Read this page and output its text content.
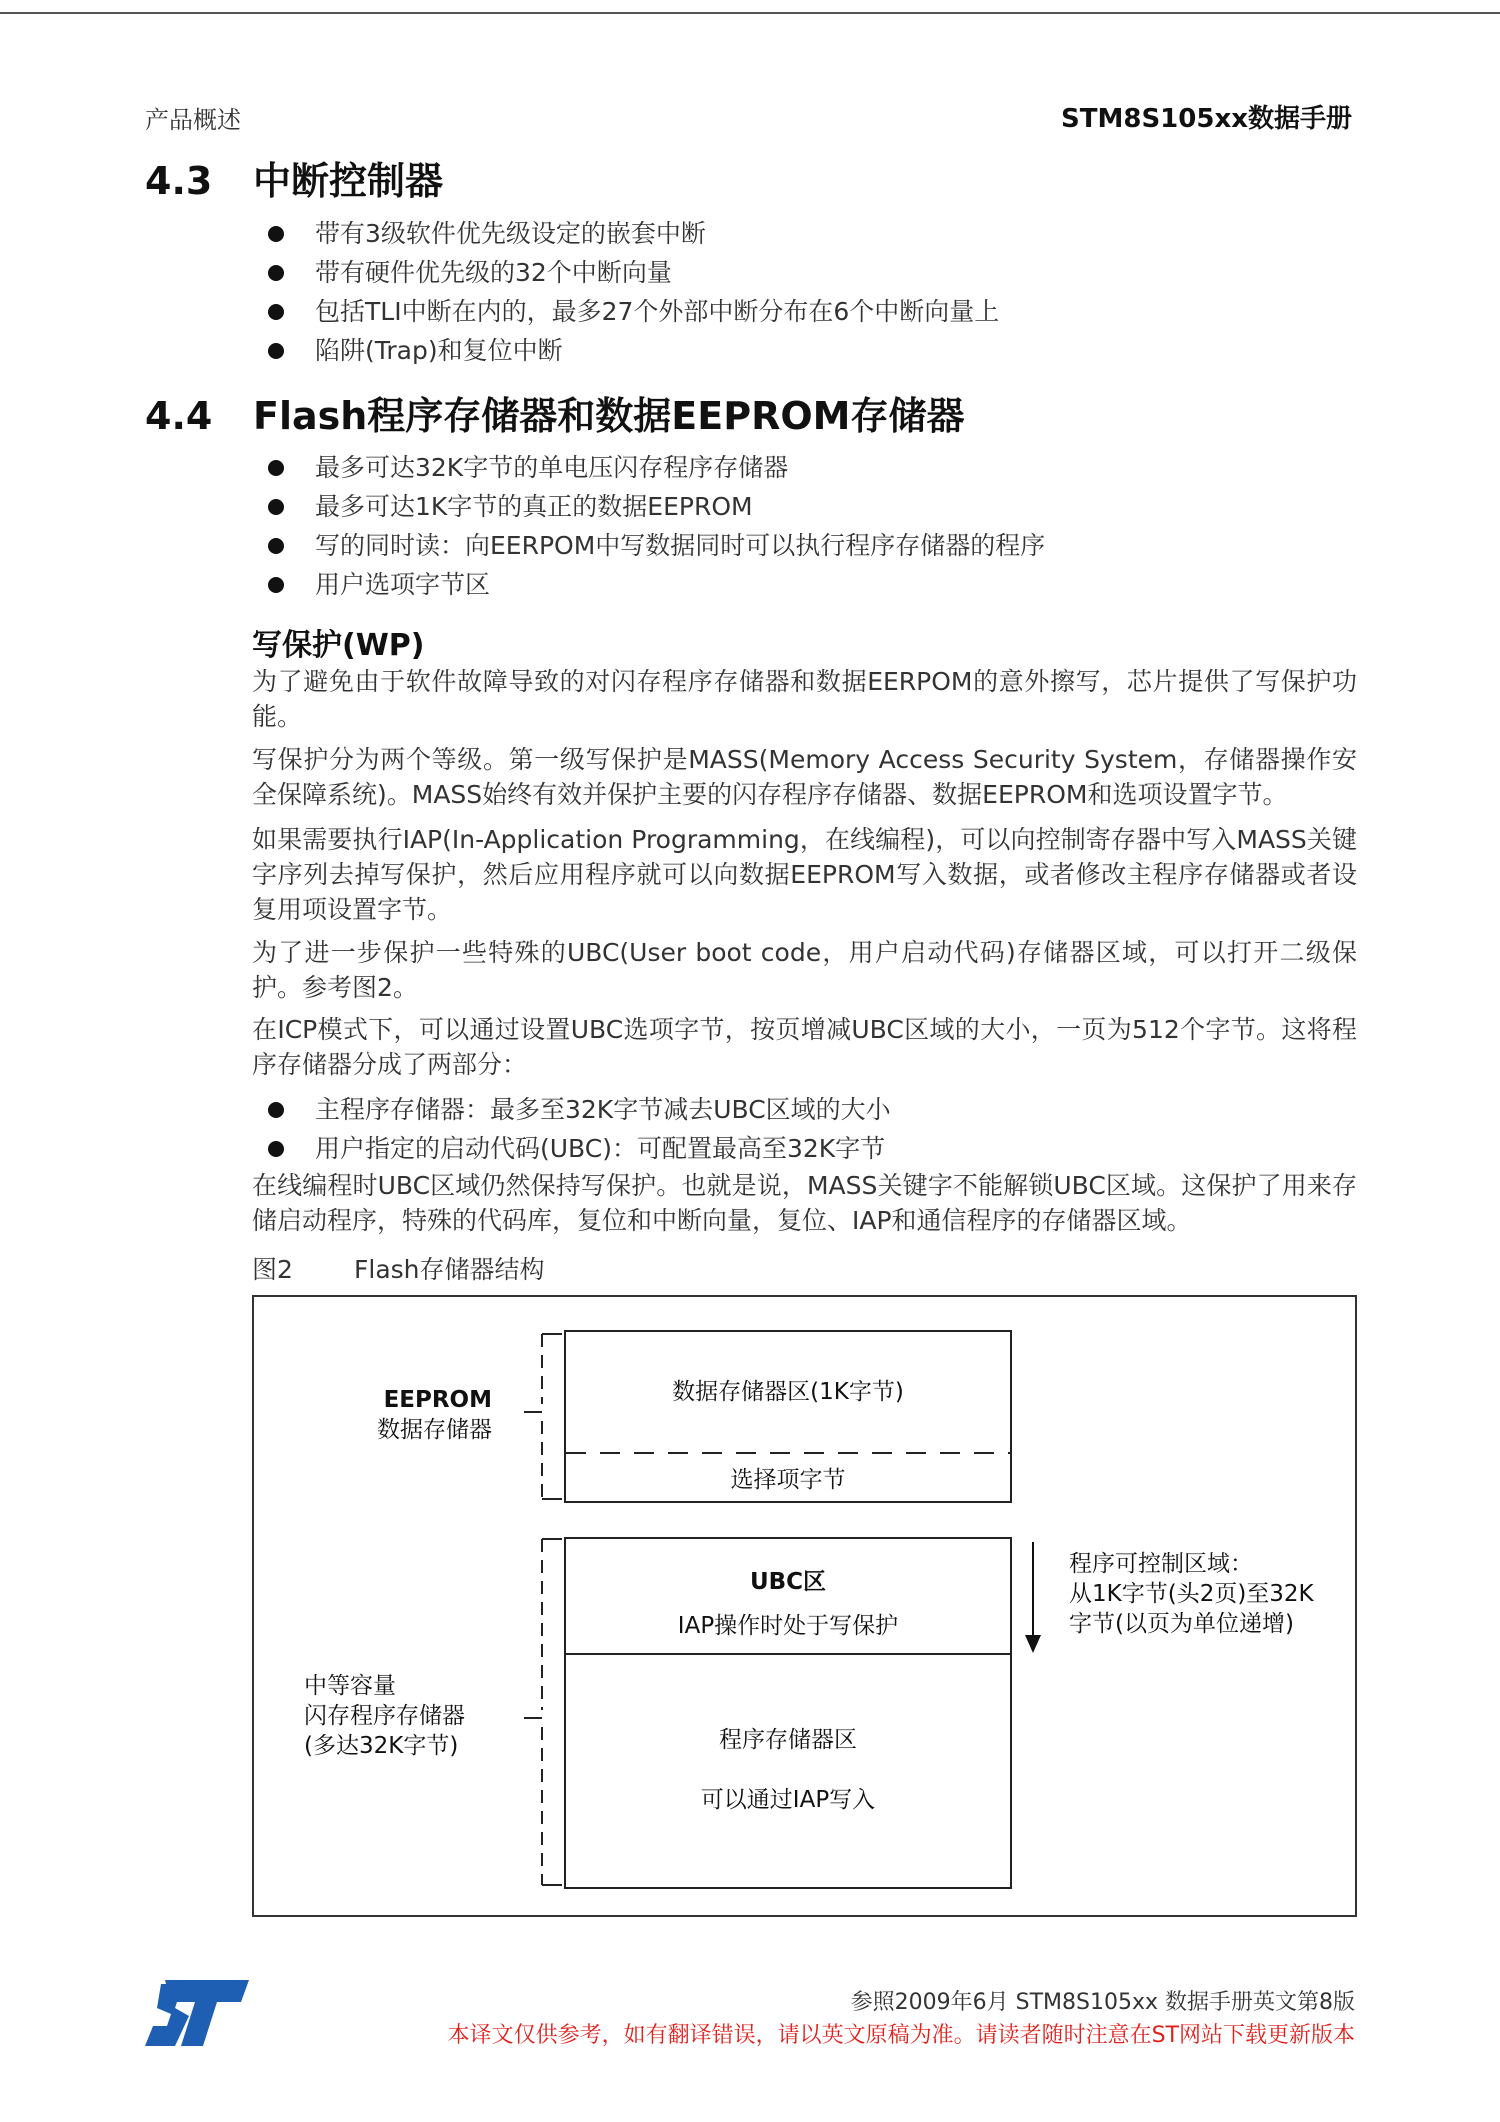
产品概述	STM8S105xx数据手册
4.3 中断控制器
带有3级软件优先级设定的嵌套中断
带有硬件优先级的32个中断向量
包括TLI中断在内的，最多27个外部中断分布在6个中断向量上
陷阱(Trap)和复位中断
4.4 Flash程序存储器和数据EEPROM存储器
最多可达32K字节的单电压闪存程序存储器
最多可达1K字节的真正的数据EEPROM
写的同时读：向EERPOM中写数据同时可以执行程序存储器的程序
用户选项字节区
写保护(WP)

为了避免由于软件故障导致的对闪存程序存储器和数据EERPOM的意外擦写，芯片提供了写保护功能。

写保护分为两个等级。第一级写保护是MASS(Memory Access Security System，存储器操作安全保障系统)。MASS始终有效并保护主要的闪存程序存储器、数据EEPROM和选项设置字节。

如果需要执行IAP(In-Application Programming，在线编程)，可以向控制寄存器中写入MASS关键字序列去掉写保护，然后应用程序就可以向数据EEPROM写入数据，或者修改主程序存储器或者设复用项设置字节。

为了进一步保护一些特殊的UBC(User boot code，用户启动代码)存储器区域，可以打开二级保护。参考图2。

在ICP模式下，可以通过设置UBC选项字节，按页增减UBC区域的大小，一页为512个字节。这将程序存储器分成了两部分：

主程序存储器：最多至32K字节减去UBC区域的大小
用户指定的启动代码(UBC)：可配置最高至32K字节

在线编程时UBC区域仍然保持写保护。也就是说，MASS关键字不能解锁UBC区域。这保护了用来存储启动程序，特殊的代码库，复位和中断向量，复位、IAP和通信程序的存储器区域。

图2 Flash存储器结构
数据存储器区(1K字节)
选择项字节
UBC区
IAP操作时处于写保护
程序存储器区
可以通过IAP写入
EEPROM
数据存储器
中等容量
闪存程序存储器
(多达32K字节)
程序可控制区域：
从1K字节(头2页)至32K
字节(以页为单位递增)
参照2009年6月 STM8S105xx 数据手册英文第8版
本译文仅供参考，如有翻译错误，请以英文原稿为准。请读者随时注意在ST网站下载更新版本
